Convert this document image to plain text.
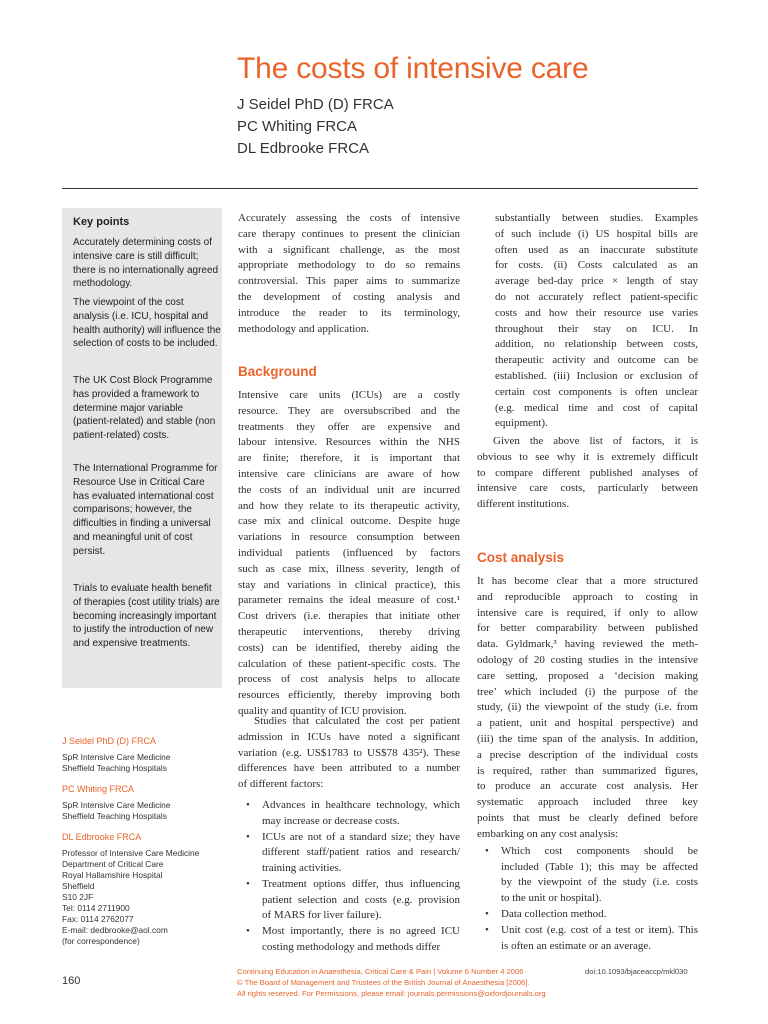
The costs of intensive care
J Seidel PhD (D) FRCA
PC Whiting FRCA
DL Edbrooke FRCA
Key points
Accurately determining costs of intensive care is still difficult; there is no internationally agreed methodology.
The viewpoint of the cost analysis (i.e. ICU, hospital and health authority) will influence the selection of costs to be included.
The UK Cost Block Programme has provided a framework to determine major variable (patient-related) and stable (non patient-related) costs.
The International Programme for Resource Use in Critical Care has evaluated international cost comparisons; however, the difficulties in finding a universal and meaningful unit of cost persist.
Trials to evaluate health benefit of therapies (cost utility trials) are becoming increasingly important to justify the introduction of new and expensive treatments.
J Seidel PhD (D) FRCA
SpR Intensive Care Medicine
Sheffield Teaching Hospitals
PC Whiting FRCA
SpR Intensive Care Medicine
Sheffield Teaching Hospitals
DL Edbrooke FRCA
Professor of Intensive Care Medicine
Department of Critical Care
Royal Hallamshire Hospital
Sheffield
S10 2JF
Tel: 0114 2711900
Fax: 0114 2762077
E-mail: dedbrooke@aol.com
(for correspondence)
Accurately assessing the costs of intensive
care therapy continues to present the clinician
with a significant challenge, as the most
appropriate methodology to do so remains
controversial. This paper aims to summarize
the development of costing analysis and
introduce the reader to its terminology,
methodology and application.
Background
Intensive care units (ICUs) are a costly
resource. They are oversubscribed and the
treatments they offer are expensive and
labour intensive. Resources within the NHS
are finite; therefore, it is important that
intensive care clinicians are aware of how
the costs of an individual unit are incurred
and how they relate to its therapeutic activity,
case mix and clinical outcome. Despite huge
variations in resource consumption between
individual patients (influenced by factors
such as case mix, illness severity, length of
stay and variations in clinical practice), this
parameter remains the ideal measure of cost.¹
Cost drivers (i.e. therapies that initiate other
therapeutic interventions, thereby driving
costs) can be identified, thereby aiding the
calculation of these patient-specific costs. The
process of cost analysis helps to allocate
resources efficiently, thereby improving both
quality and quantity of ICU provision.
Studies that calculated the cost per patient
admission in ICUs have noted a significant
variation (e.g. US$1783 to US$78 435²). These
differences have been attributed to a number
of different factors:
• Advances in healthcare technology, which
may increase or decrease costs.
• ICUs are not of a standard size; they have
different staff/patient ratios and research/
training activities.
• Treatment options differ, thus influencing
patient selection and costs (e.g. provision
of MARS for liver failure).
• Most importantly, there is no agreed ICU
costing methodology and methods differ
substantially between studies. Examples
of such include (i) US hospital bills are
often used as an inaccurate substitute
for costs. (ii) Costs calculated as an
average bed-day price × length of stay
do not accurately reflect patient-specific
costs and how their resource use varies
throughout their stay on ICU. In
addition, no relationship between costs,
therapeutic activity and outcome can be
established. (iii) Inclusion or exclusion of
certain cost components is often unclear
(e.g. medical time and cost of capital
equipment).
Given the above list of factors, it is
obvious to see why it is extremely difficult
to compare different published analyses of
intensive care costs, particularly between
different institutions.
Cost analysis
It has become clear that a more structured
and reproducible approach to costing in
intensive care is required, if only to allow
for better comparability between published
data. Gyldmark,³ having reviewed the meth-
odology of 20 costing studies in the intensive
care setting, proposed a ‘decision making
tree’ which included (i) the purpose of the
study, (ii) the viewpoint of the study (i.e. from
a patient, unit and hospital perspective) and
(iii) the time span of the analysis. In addition,
a precise description of the individual costs
is required, rather than summarized figures,
to produce an accurate cost analysis. Her
systematic approach included three key
points that must be clearly defined before
embarking on any cost analysis:
• Which cost components should be
included (Table 1); this may be affected
by the viewpoint of the study (i.e. costs
to the unit or hospital).
• Data collection method.
• Unit cost (e.g. cost of a test or item). This
is often an estimate or an average.
160
Continuing Education in Anaesthesia, Critical Care & Pain | Volume 6 Number 4 2006
© The Board of Management and Trustees of the British Journal of Anaesthesia [2006].
All rights reserved. For Permissions, please email: journals.permissions@oxfordjournals.org
doi:10.1093/bjaceaccp/mkl030
